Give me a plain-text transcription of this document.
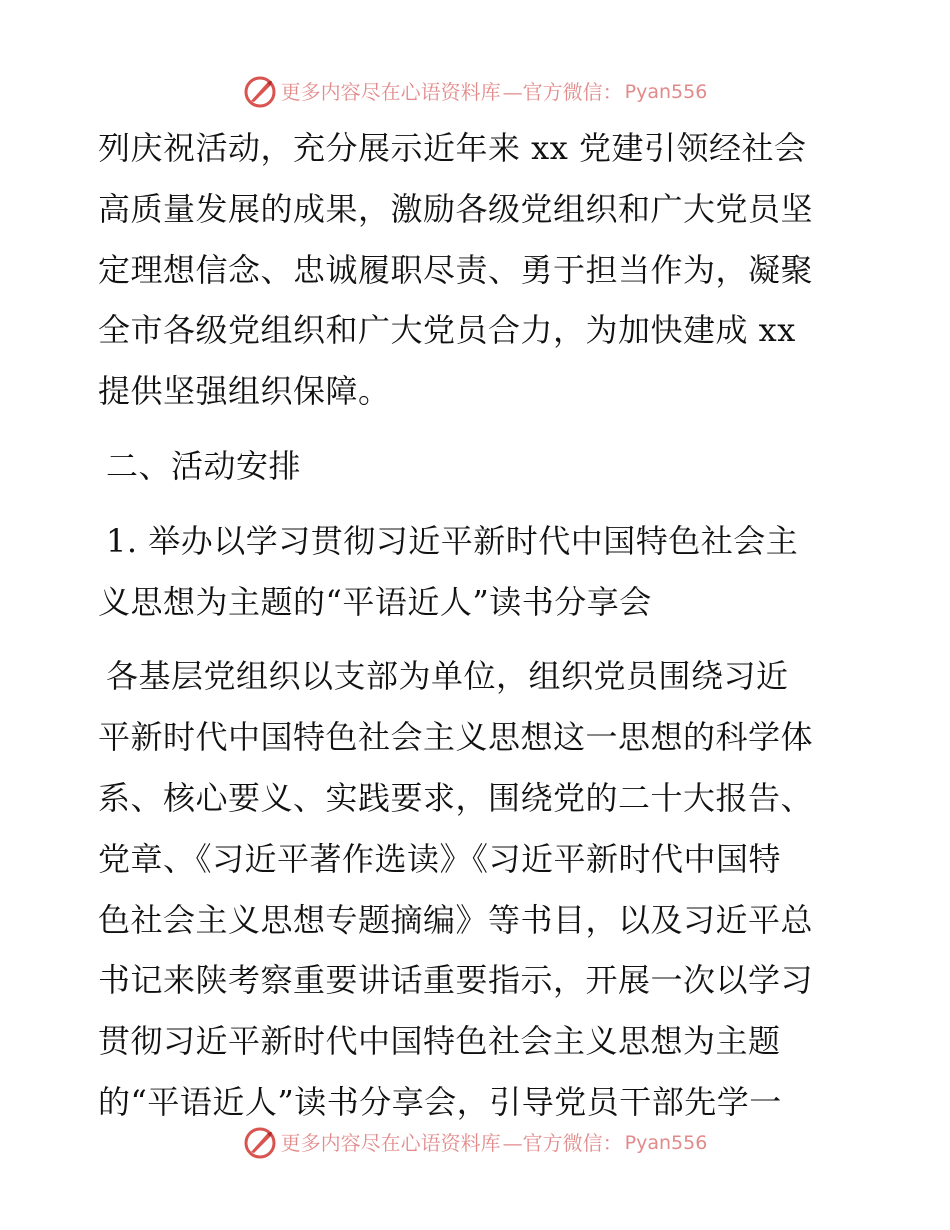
更多内容尽在心语资料库 —官方微信： Pyan556
列庆祝活动，充分展示近年来 xx 党建引领经社会
高质量发展的成果，激励各级党组织和广大党员坚
定理想信念、忠诚履职尽责、勇于担当作为，凝聚
全市各级党组织和广大党员合力，为加快建成 xx
提供坚强组织保障。
二、活动安排
1. 举办以学习贯彻习近平新时代中国特色社会主
义思想为主题的“平语近人”读书分享会
各基层党组织以支部为单位，组织党员围绕习近
平新时代中国特色社会主义思想这一思想的科学体
系、核心要义、实践要求，围绕党的二十大报告、
党章、《习近平著作选读》《习近平新时代中国特
色社会主义思想专题摘编》等书目，以及习近平总
书记来陕考察重要讲话重要指示，开展一次以学习
贯彻习近平新时代中国特色社会主义思想为主题
的“平语近人”读书分享会，引导党员干部先学一
更多内容尽在心语资料库 —官方微信： Pyan556
